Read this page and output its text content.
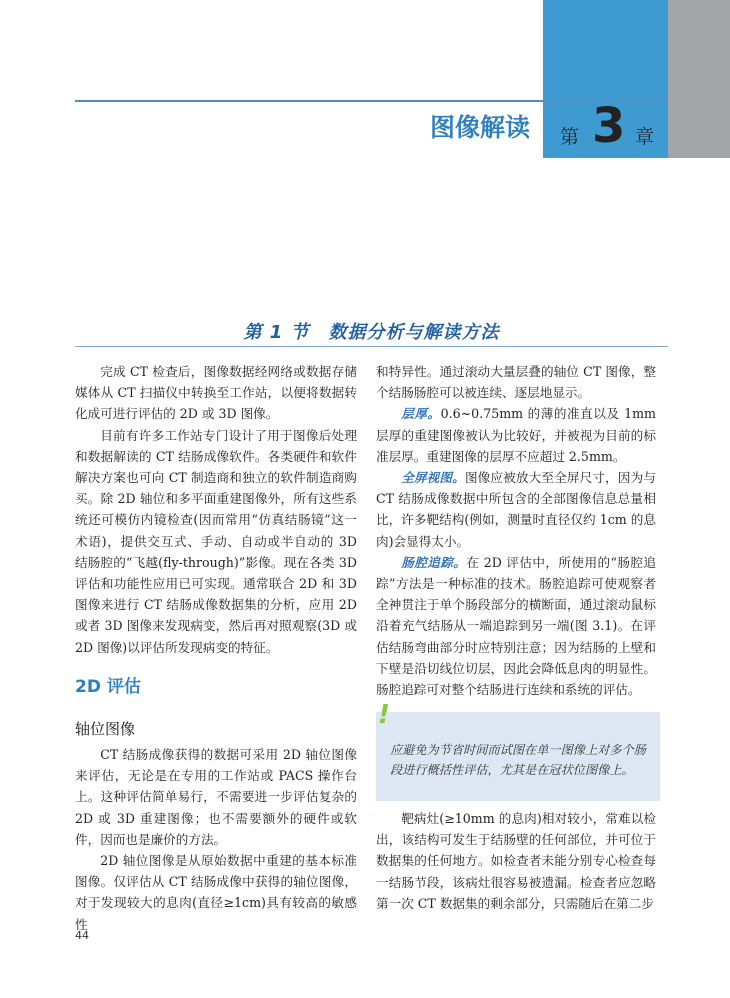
图像解读 第 3 章
第 1 节　数据分析与解读方法

完成 CT 检查后，图像数据经网络或数据存储媒体从 CT 扫描仪中转换至工作站，以便将数据转化成可进行评估的 2D 或 3D 图像。

目前有许多工作站专门设计了用于图像后处理和数据解读的 CT 结肠成像软件。各类硬件和软件解决方案也可向 CT 制造商和独立的软件制造商购买。除 2D 轴位和多平面重建图像外，所有这些系统还可模仿内镜检查(因而常用“仿真结肠镜”这一术语)，提供交互式、手动、自动或半自动的 3D 结肠腔的“飞越(fly-through)”影像。现在各类 3D 评估和功能性应用已可实现。通常联合 2D 和 3D 图像来进行 CT 结肠成像数据集的分析，应用 2D 或者 3D 图像来发现病变，然后再对照观察(3D 或 2D 图像)以评估所发现病变的特征。

2D 评估
轴位图像

CT 结肠成像获得的数据可采用 2D 轴位图像来评估，无论是在专用的工作站或 PACS 操作台上。这种评估简单易行，不需要进一步评估复杂的 2D 或 3D 重建图像；也不需要额外的硬件或软件，因而也是廉价的方法。

2D 轴位图像是从原始数据中重建的基本标准图像。仅评估从 CT 结肠成像中获得的轴位图像，对于发现较大的息肉(直径≥1cm)具有较高的敏感性

和特异性。通过滚动大量层叠的轴位 CT 图像，整个结肠肠腔可以被连续、逐层地显示。

层厚。0.6~0.75mm 的薄的准直以及 1mm 层厚的重建图像被认为比较好，并被视为目前的标准层厚。重建图像的层厚不应超过 2.5mm。

全屏视图。图像应被放大至全屏尺寸，因为与 CT 结肠成像数据中所包含的全部图像信息总量相比，许多靶结构(例如，测量时直径仅约 1cm 的息肉)会显得太小。

肠腔追踪。在 2D 评估中，所使用的“肠腔追踪”方法是一种标准的技术。肠腔追踪可使观察者全神贯注于单个肠段部分的横断面，通过滚动鼠标沿着充气结肠从一端追踪到另一端(图 3.1)。在评估结肠弯曲部分时应特别注意；因为结肠的上壁和下壁是沿切线位切层，因此会降低息肉的明显性。肠腔追踪可对整个结肠进行连续和系统的评估。

!
应避免为节省时间而试图在单一图像上对多个肠段进行概括性评估，尤其是在冠状位图像上。

靶病灶(≥10mm 的息肉)相对较小，常难以检出，该结构可发生于结肠壁的任何部位，并可位于数据集的任何地方。如检查者未能分别专心检查每一结肠节段，该病灶很容易被遗漏。检查者应忽略第一次 CT 数据集的剩余部分，只需随后在第二步

44
